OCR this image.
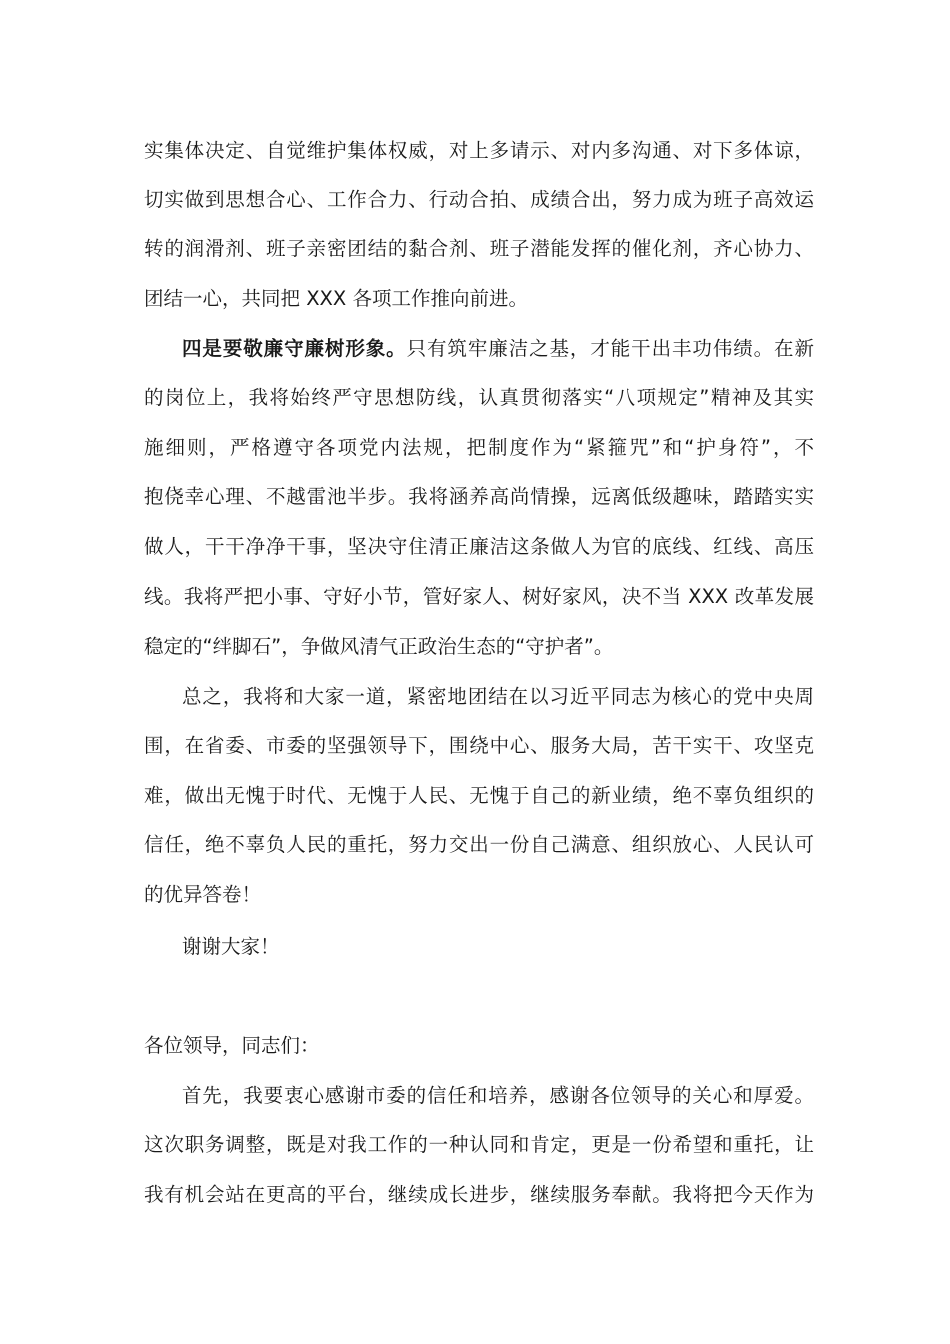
实集体决定、自觉维护集体权威，对上多请示、对内多沟通、对下多体谅，
切实做到思想合心、工作合力、行动合拍、成绩合出，努力成为班子高效运
转的润滑剂、班子亲密团结的黏合剂、班子潜能发挥的催化剂，齐心协力、
团结一心，共同把 XXX 各项工作推向前进。
四是要敬廉守廉树形象。只有筑牢廉洁之基，才能干出丰功伟绩。在新
的岗位上，我将始终严守思想防线，认真贯彻落实“八项规定”精神及其实
施细则，严格遵守各项党内法规，把制度作为“紧箍咒”和“护身符”，不
抱侥幸心理、不越雷池半步。我将涵养高尚情操，远离低级趣味，踏踏实实
做人，干干净净干事，坚决守住清正廉洁这条做人为官的底线、红线、高压
线。我将严把小事、守好小节，管好家人、树好家风，决不当 XXX 改革发展
稳定的“绊脚石”，争做风清气正政治生态的“守护者”。
总之，我将和大家一道，紧密地团结在以习近平同志为核心的党中央周
围，在省委、市委的坚强领导下，围绕中心、服务大局，苦干实干、攻坚克
难，做出无愧于时代、无愧于人民、无愧于自己的新业绩，绝不辜负组织的
信任，绝不辜负人民的重托，努力交出一份自己满意、组织放心、人民认可
的优异答卷！
谢谢大家！
各位领导，同志们：
首先，我要衷心感谢市委的信任和培养，感谢各位领导的关心和厚爱。
这次职务调整，既是对我工作的一种认同和肯定，更是一份希望和重托，让
我有机会站在更高的平台，继续成长进步，继续服务奉献。我将把今天作为
